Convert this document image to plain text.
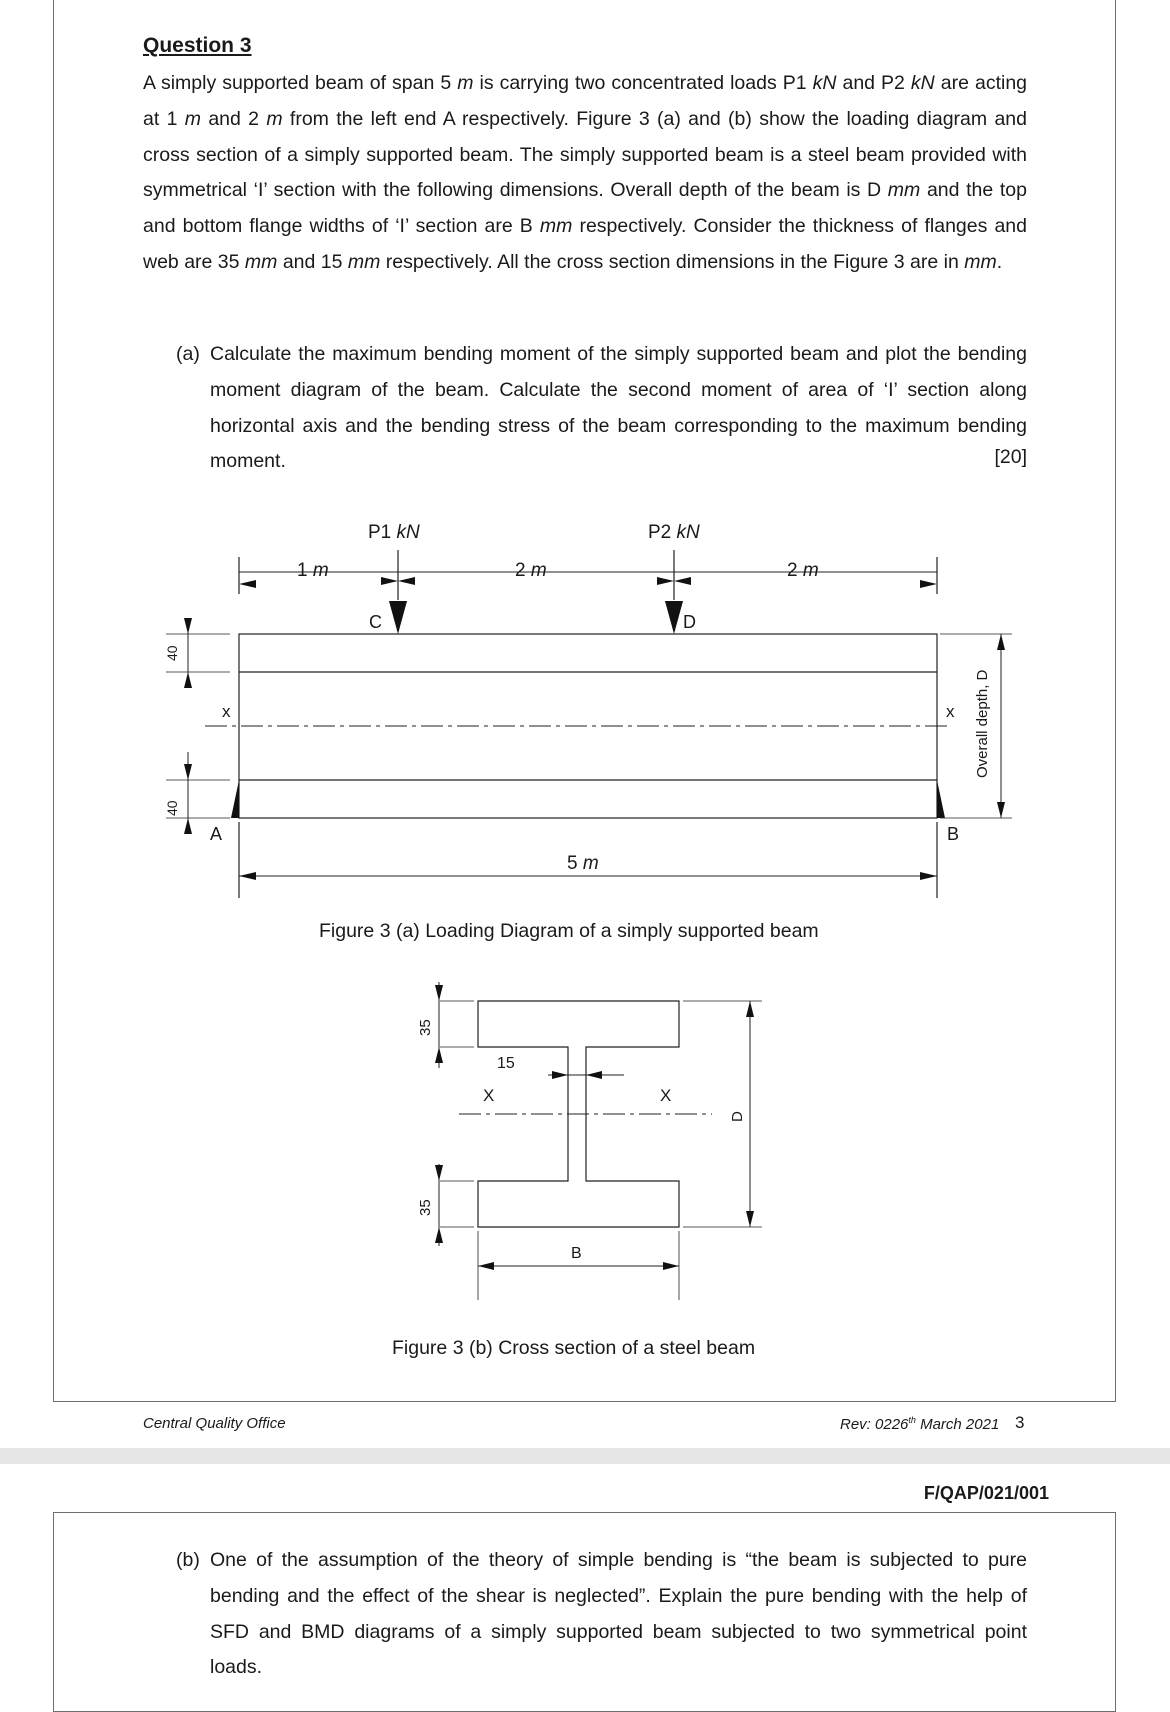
Question 3
A simply supported beam of span 5 m is carrying two concentrated loads P1 kN and P2 kN are acting at 1 m and 2 m from the left end A respectively. Figure 3 (a) and (b) show the loading diagram and cross section of a simply supported beam. The simply supported beam is a steel beam provided with symmetrical ‘I’ section with the following dimensions. Overall depth of the beam is D mm and the top and bottom flange widths of ‘I’ section are B mm respectively. Consider the thickness of flanges and web are 35 mm and 15 mm respectively. All the cross section dimensions in the Figure 3 are in mm.
(a) Calculate the maximum bending moment of the simply supported beam and plot the bending moment diagram of the beam. Calculate the second moment of area of ‘I’ section along horizontal axis and the bending stress of the beam corresponding to the maximum bending moment.	[20]
P1 kN	P2 kN
1 m	2 m	2 m
C	D
A	B
5 m
x	x
40
40
Overall depth, D
35
35
15
X	X
D
B
Figure 3 (a) Loading Diagram of a simply supported beam
Figure 3 (b) Cross section of a steel beam
Central Quality Office	Rev: 0226th March 2021 3
F/QAP/021/001
(b) One of the assumption of the theory of simple bending is “the beam is subjected to pure bending and the effect of the shear is neglected”. Explain the pure bending with the help of SFD and BMD diagrams of a simply supported beam subjected to two symmetrical point loads.
